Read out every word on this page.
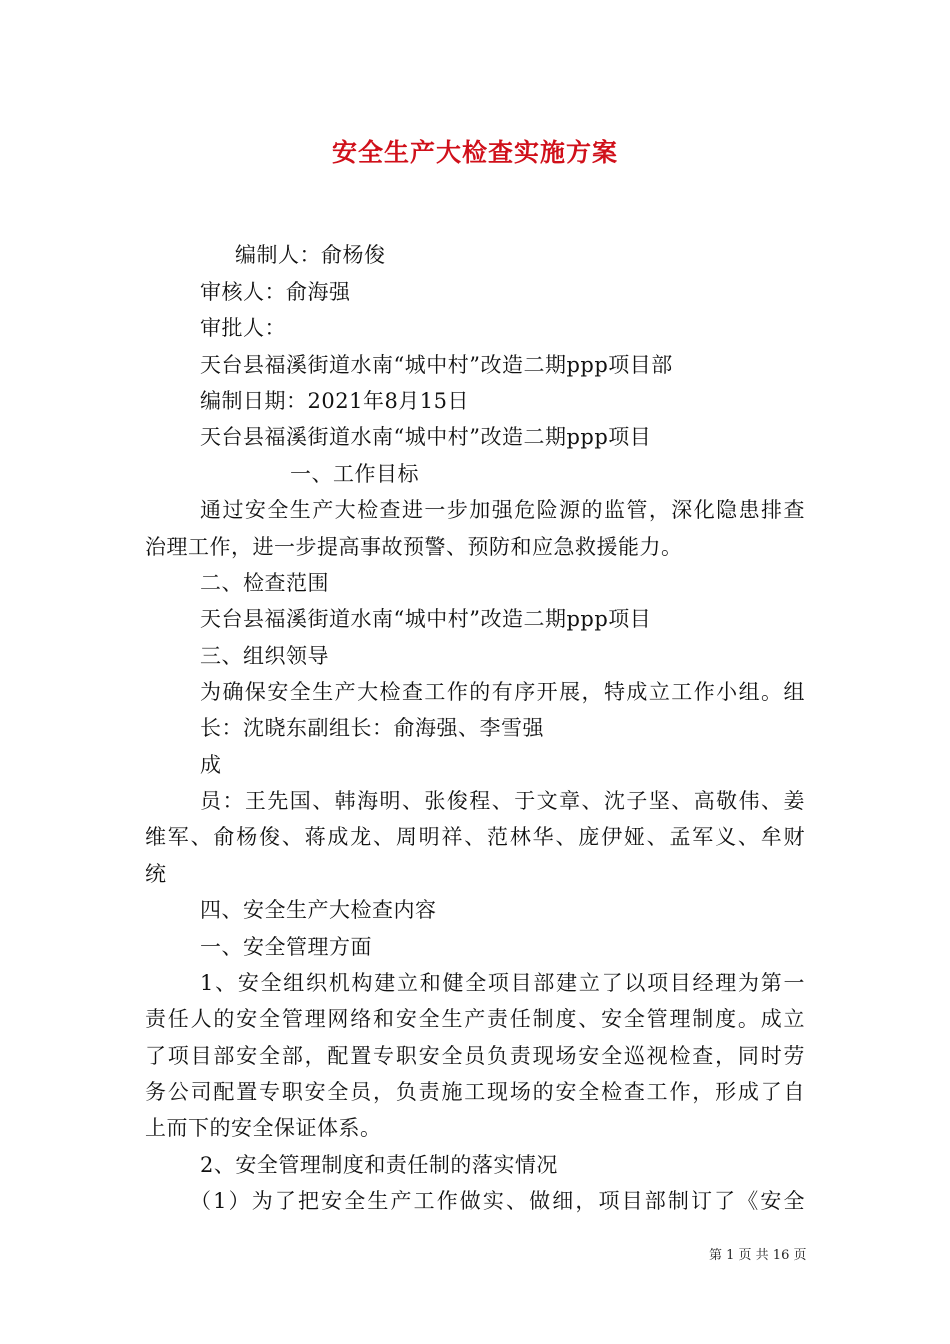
安全生产大检查实施方案
编制人：俞杨俊
审核人：俞海强
审批人：
天台县福溪街道水南“城中村”改造二期ppp项目部
编制日期：2021年8月15日
天台县福溪街道水南“城中村”改造二期ppp项目
一、工作目标
通过安全生产大检查进一步加强危险源的监管，深化隐患排查
治理工作，进一步提高事故预警、预防和应急救援能力。
二、检查范围
天台县福溪街道水南“城中村”改造二期ppp项目
三、组织领导
为确保安全生产大检查工作的有序开展，特成立工作小组。组
长：沈晓东副组长：俞海强、李雪强
成
员：王先国、韩海明、张俊程、于文章、沈子坚、高敬伟、姜
维军、俞杨俊、蒋成龙、周明祥、范林华、庞伊娅、孟军义、牟财
统
四、安全生产大检查内容
一、安全管理方面
1、安全组织机构建立和健全项目部建立了以项目经理为第一
责任人的安全管理网络和安全生产责任制度、安全管理制度。成立
了项目部安全部，配置专职安全员负责现场安全巡视检查，同时劳
务公司配置专职安全员，负责施工现场的安全检查工作，形成了自
上而下的安全保证体系。
2、安全管理制度和责任制的落实情况
（1）为了把安全生产工作做实、做细，项目部制订了《安全
第 1 页 共 16 页
